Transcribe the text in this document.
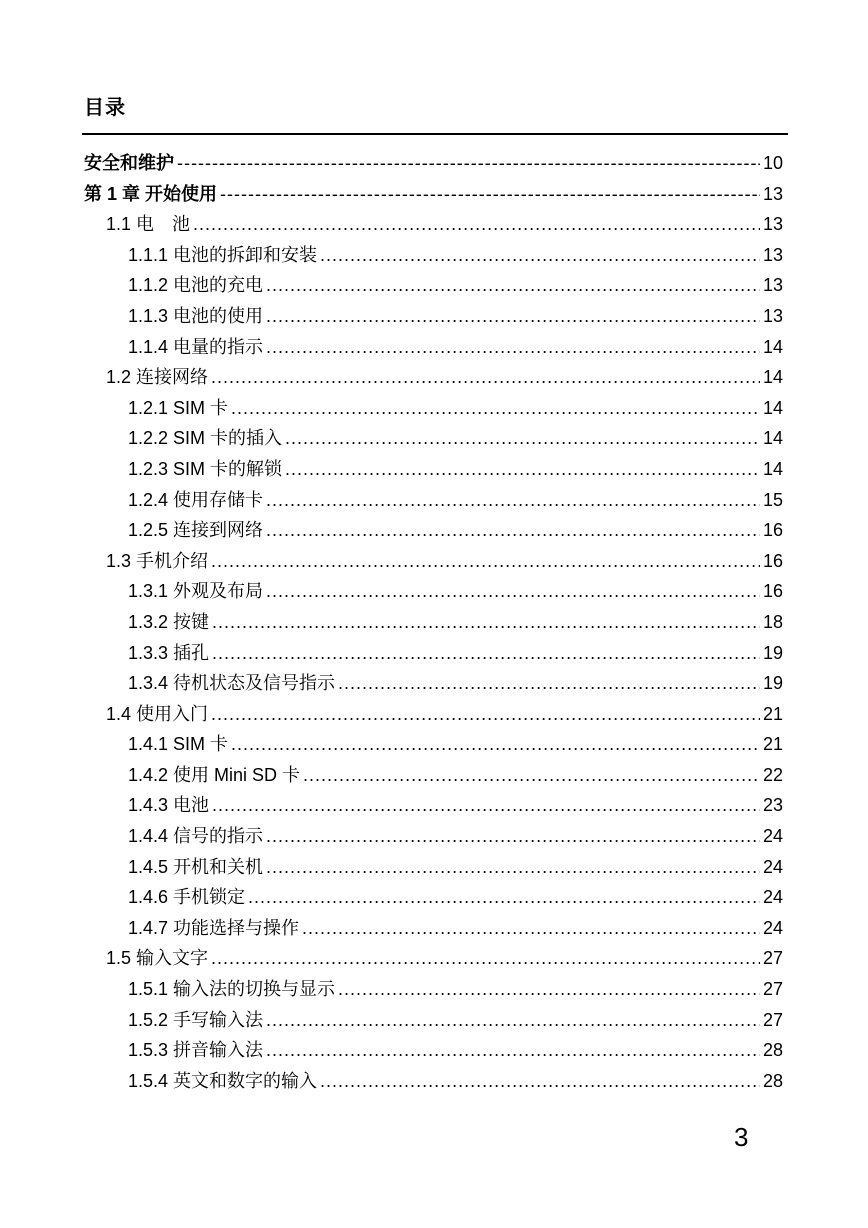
目录
安全和维护 -----	10
第 1 章 开始使用 -----	13
1.1 电　池 .....	13
1.1.1 电池的拆卸和安装 .....	13
1.1.2 电池的充电 .....	13
1.1.3 电池的使用 .....	13
1.1.4 电量的指示 .....	14
1.2 连接网络 .....	14
1.2.1 SIM 卡 .....	14
1.2.2 SIM 卡的插入 .....	14
1.2.3 SIM 卡的解锁 .....	14
1.2.4 使用存储卡 .....	15
1.2.5 连接到网络 .....	16
1.3 手机介绍 .....	16
1.3.1 外观及布局 .....	16
1.3.2 按键 .....	18
1.3.3 插孔 .....	19
1.3.4 待机状态及信号指示 .....	19
1.4 使用入门 .....	21
1.4.1 SIM 卡 .....	21
1.4.2 使用 Mini SD 卡 .....	22
1.4.3 电池 .....	23
1.4.4 信号的指示 .....	24
1.4.5 开机和关机 .....	24
1.4.6 手机锁定 .....	24
1.4.7 功能选择与操作 .....	24
1.5 输入文字 .....	27
1.5.1 输入法的切换与显示 .....	27
1.5.2 手写输入法 .....	27
1.5.3 拼音输入法 .....	28
1.5.4 英文和数字的输入 .....	28
3
